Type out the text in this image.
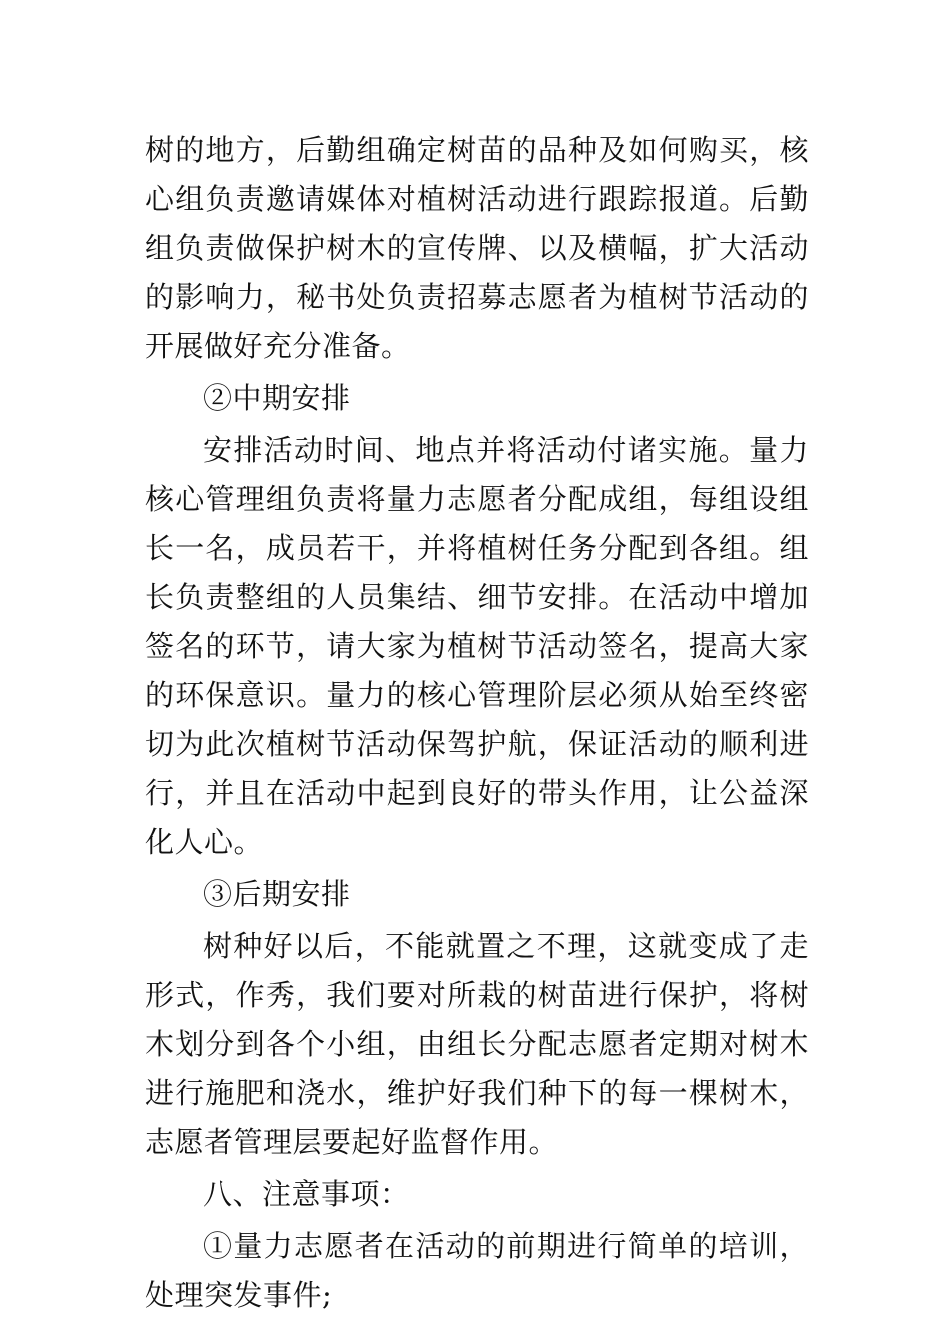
树的地方，后勤组确定树苗的品种及如何购买，核心组负责邀请媒体对植树活动进行跟踪报道。后勤组负责做保护树木的宣传牌、以及横幅，扩大活动的影响力，秘书处负责招募志愿者为植树节活动的开展做好充分准备。

②中期安排

安排活动时间、地点并将活动付诸实施。量力核心管理组负责将量力志愿者分配成组，每组设组长一名，成员若干，并将植树任务分配到各组。组长负责整组的人员集结、细节安排。在活动中增加签名的环节，请大家为植树节活动签名，提高大家的环保意识。量力的核心管理阶层必须从始至终密切为此次植树节活动保驾护航，保证活动的顺利进行，并且在活动中起到良好的带头作用，让公益深化人心。

③后期安排

树种好以后，不能就置之不理，这就变成了走形式，作秀，我们要对所栽的树苗进行保护，将树木划分到各个小组，由组长分配志愿者定期对树木进行施肥和浇水，维护好我们种下的每一棵树木，志愿者管理层要起好监督作用。

八、注意事项：

①量力志愿者在活动的前期进行简单的培训，处理突发事件;
